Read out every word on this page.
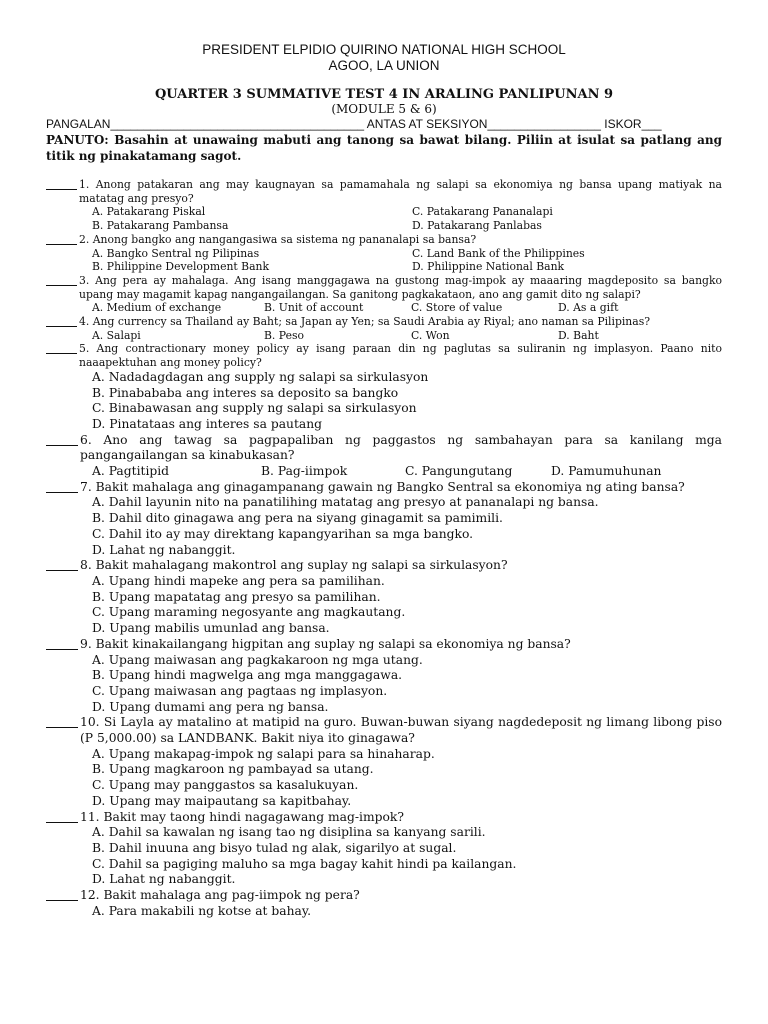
PRESIDENT ELPIDIO QUIRINO NATIONAL HIGH SCHOOL
AGOO, LA UNION
QUARTER 3 SUMMATIVE TEST 4 IN ARALING PANLIPUNAN 9
(MODULE 5 & 6)
PANGALAN______________________________________ ANTAS AT SEKSIYON_________________ ISKOR___
PANUTO: Basahin at unawaing mabuti ang tanong sa bawat bilang. Piliin at isulat sa patlang ang titik ng pinakatamang sagot.
1. Anong patakaran ang may kaugnayan sa pamamahala ng salapi sa ekonomiya ng bansa upang matiyak na matatag ang presyo?
A. Patakarang Piskal	C. Patakarang Pananalapi
B. Patakarang Pambansa	D. Patakarang Panlabas
2. Anong bangko ang nangangasiwa sa sistema ng pananalapi sa bansa?
A. Bangko Sentral ng Pilipinas	C. Land Bank of the Philippines
B. Philippine Development Bank	D. Philippine National Bank
3. Ang pera ay mahalaga. Ang isang manggagawa na gustong mag-impok ay maaaring magdeposito sa bangko upang may magamit kapag nangangailangan. Sa ganitong pagkakataon, ano ang gamit dito ng salapi?
A. Medium of exchange	B. Unit of account	C. Store of value	D. As a gift
4. Ang currency sa Thailand ay Baht; sa Japan ay Yen; sa Saudi Arabia ay Riyal; ano naman sa Pilipinas?
A. Salapi	B. Peso	C. Won	D. Baht
5. Ang contractionary money policy ay isang paraan din ng paglutas sa suliranin ng implasyon. Paano nito naaapektuhan ang money policy?
A. Nadadagdagan ang supply ng salapi sa sirkulasyon
B. Pinabababa ang interes sa deposito sa bangko
C. Binabawasan ang supply ng salapi sa sirkulasyon
D. Pinatataas ang interes sa pautang
6. Ano ang tawag sa pagpapaliban ng paggastos ng sambahayan para sa kanilang mga pangangailangan sa kinabukasan?
A. Pagtitipid	B. Pag-iimpok	C. Pangungutang	D. Pamumuhunan
7. Bakit mahalaga ang ginagampanang gawain ng Bangko Sentral sa ekonomiya ng ating bansa?
A. Dahil layunin nito na panatilihing matatag ang presyo at pananalapi ng bansa.
B. Dahil dito ginagawa ang pera na siyang ginagamit sa pamimili.
C. Dahil ito ay may direktang kapangyarihan sa mga bangko.
D. Lahat ng nabanggit.
8. Bakit mahalagang makontrol ang suplay ng salapi sa sirkulasyon?
A. Upang hindi mapeke ang pera sa pamilihan.
B. Upang mapatatag ang presyo sa pamilihan.
C. Upang maraming negosyante ang magkautang.
D. Upang mabilis umunlad ang bansa.
9. Bakit kinakailangang higpitan ang suplay ng salapi sa ekonomiya ng bansa?
A. Upang maiwasan ang pagkakaroon ng mga utang.
B. Upang hindi magwelga ang mga manggagawa.
C. Upang maiwasan ang pagtaas ng implasyon.
D. Upang dumami ang pera ng bansa.
10. Si Layla ay matalino at matipid na guro. Buwan-buwan siyang nagdedeposit ng limang libong piso (P 5,000.00) sa LANDBANK. Bakit niya ito ginagawa?
A. Upang makapag-impok ng salapi para sa hinaharap.
B. Upang magkaroon ng pambayad sa utang.
C. Upang may panggastos sa kasalukuyan.
D. Upang may maipautang sa kapitbahay.
11. Bakit may taong hindi nagagawang mag-impok?
A. Dahil sa kawalan ng isang tao ng disiplina sa kanyang sarili.
B. Dahil inuuna ang bisyo tulad ng alak, sigarilyo at sugal.
C. Dahil sa pagiging maluho sa mga bagay kahit hindi pa kailangan.
D. Lahat ng nabanggit.
12. Bakit mahalaga ang pag-iimpok ng pera?
A. Para makabili ng kotse at bahay.
